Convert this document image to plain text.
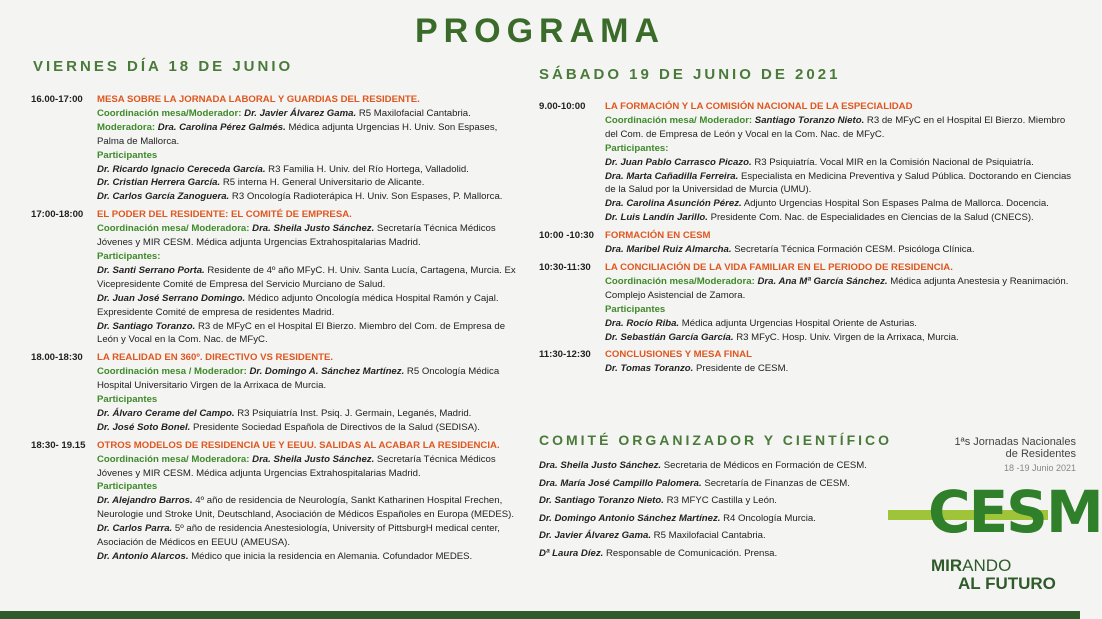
PROGRAMA
VIERNES DÍA 18 DE JUNIO	SÁBADO 19 DE JUNIO DE 2021
16.00-17:00 MESA SOBRE LA JORNADA LABORAL Y GUARDIAS DEL RESIDENTE.
Coordinación mesa/Moderador: Dr. Javier Álvarez Gama. R5 Maxilofacial Cantabria.
Moderadora: Dra. Carolina Pérez Galmés. Médica adjunta Urgencias H. Univ. Son Espases, Palma de Mallorca.
Participantes
Dr. Ricardo Ignacio Cereceda García. R3 Familia H. Univ. del Río Hortega, Valladolid.
Dr. Cristian Herrera García. R5 interna H. General Universitario de Alicante.
Dr. Carlos García Zanoguera. R3 Oncología Radioterápica H. Univ. Son Espases, P. Mallorca.
17:00-18:00 EL PODER DEL RESIDENTE: EL COMITÉ DE EMPRESA.
Coordinación mesa/ Moderadora: Dra. Sheila Justo Sánchez. Secretaría Técnica Médicos Jóvenes y MIR CESM. Médica adjunta Urgencias Extrahospitalarias Madrid.
Participantes:
Dr. Santi Serrano Porta. Residente de 4º año MFyC. H. Univ. Santa Lucía, Cartagena, Murcia. Ex Vicepresidente Comité de Empresa del Servicio Murciano de Salud.
Dr. Juan José Serrano Domingo. Médico adjunto Oncología médica Hospital Ramón y Cajal. Expresidente Comité de empresa de residentes Madrid.
Dr. Santiago Toranzo. R3 de MFyC en el Hospital El Bierzo. Miembro del Com. de Empresa de León y Vocal en la Com. Nac. de MFyC.
18.00-18:30 LA REALIDAD EN 360º. DIRECTIVO VS RESIDENTE.
Coordinación mesa / Moderador: Dr. Domingo A. Sánchez Martínez. R5 Oncología Médica Hospital Universitario Virgen de la Arrixaca de Murcia.
Participantes
Dr. Álvaro Cerame del Campo. R3 Psiquiatría Inst. Psiq. J. Germain, Leganés, Madrid.
Dr. José Soto Bonel. Presidente Sociedad Española de Directivos de la Salud (SEDISA).
18:30- 19.15 OTROS MODELOS DE RESIDENCIA UE Y EEUU. SALIDAS AL ACABAR LA RESIDENCIA.
Coordinación mesa/ Moderadora: Dra. Sheila Justo Sánchez. Secretaría Técnica Médicos Jóvenes y MIR CESM. Médica adjunta Urgencias Extrahospitalarias Madrid.
Participantes
Dr. Alejandro Barros. 4º año de residencia de Neurología, Sankt Katharinen Hospital Frechen, Neurologie und Stroke Unit, Deutschland, Asociación de Médicos Españoles en Europa (MEDES).
Dr. Carlos Parra. 5º año de residencia Anestesiología, University of PittsburgH medical center, Asociación de Médicos en EEUU (AMEUSA).
Dr. Antonio Alarcos. Médico que inicia la residencia en Alemania. Cofundador MEDES.
9.00-10:00 LA FORMACIÓN Y LA COMISIÓN NACIONAL DE LA ESPECIALIDAD
Coordinación mesa/ Moderador: Santiago Toranzo Nieto. R3 de MFyC en el Hospital El Bierzo. Miembro del Com. de Empresa de León y Vocal en la Com. Nac. de MFyC.
Participantes:
Dr. Juan Pablo Carrasco Picazo. R3 Psiquiatría. Vocal MIR en la Comisión Nacional de Psiquiatría.
Dra. Marta Cañadilla Ferreira. Especialista en Medicina Preventiva y Salud Pública. Doctorando en Ciencias de la Salud por la Universidad de Murcia (UMU).
Dra. Carolina Asunción Pérez. Adjunto Urgencias Hospital Son Espases Palma de Mallorca. Docencia.
Dr. Luis Landín Jarillo. Presidente Com. Nac. de Especialidades en Ciencias de la Salud (CNECS).
10:00 -10:30 FORMACIÓN EN CESM
Dra. Maribel Ruiz Almarcha. Secretaría Técnica Formación CESM. Psicóloga Clínica.
10:30-11:30 LA CONCILIACIÓN DE LA VIDA FAMILIAR EN EL PERIODO DE RESIDENCIA.
Coordinación mesa/Moderadora: Dra. Ana Mª García Sánchez. Médica adjunta Anestesia y Reanimación. Complejo Asistencial de Zamora.
Participantes
Dra. Rocío Riba. Médica adjunta Urgencias Hospital Oriente de Asturias.
Dr. Sebastián García García. R3 MFyC. Hosp. Univ. Virgen de la Arrixaca, Murcia.
11:30-12:30 CONCLUSIONES Y MESA FINAL
Dr. Tomas Toranzo. Presidente de CESM.
COMITÉ ORGANIZADOR Y CIENTÍFICO
Dra. Sheila Justo Sánchez. Secretaria de Médicos en Formación de CESM.
Dra. María José Campillo Palomera. Secretaría de Finanzas de CESM.
Dr. Santiago Toranzo Nieto. R3 MFYC Castilla y León.
Dr. Domingo Antonio Sánchez Martínez. R4 Oncología Murcia.
Dr. Javier Álvarez Gama. R5 Maxilofacial Cantabria.
Dª Laura Díez. Responsable de Comunicación. Prensa.
1ªs Jornadas Nacionales
de Residentes
18 -19 Junio 2021
CESM
MIRANDO
AL FUTURO
